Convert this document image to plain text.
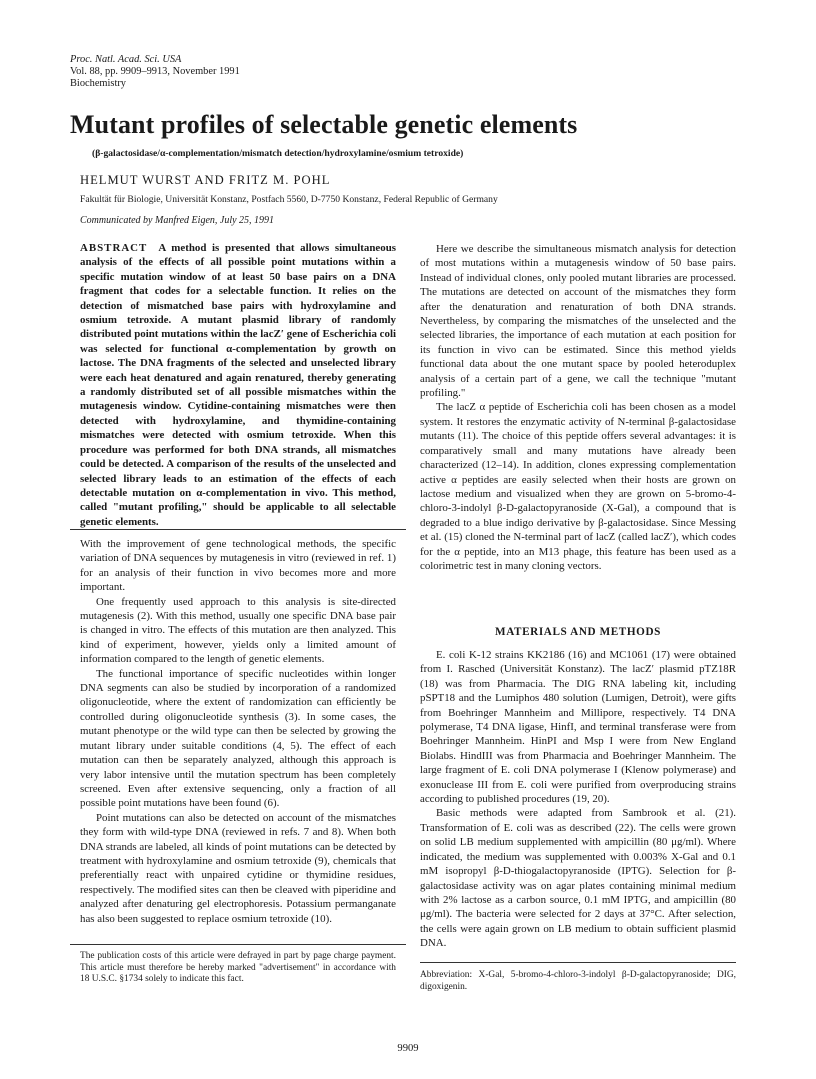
Proc. Natl. Acad. Sci. USA
Vol. 88, pp. 9909–9913, November 1991
Biochemistry
Mutant profiles of selectable genetic elements
(β-galactosidase/α-complementation/mismatch detection/hydroxylamine/osmium tetroxide)
HELMUT WURST AND FRITZ M. POHL
Fakultät für Biologie, Universität Konstanz, Postfach 5560, D-7750 Konstanz, Federal Republic of Germany
Communicated by Manfred Eigen, July 25, 1991
ABSTRACT A method is presented that allows simultaneous analysis of the effects of all possible point mutations within a specific mutation window of at least 50 base pairs on a DNA fragment that codes for a selectable function. It relies on the detection of mismatched base pairs with hydroxylamine and osmium tetroxide. A mutant plasmid library of randomly distributed point mutations within the lacZ′ gene of Escherichia coli was selected for functional α-complementation by growth on lactose. The DNA fragments of the selected and unselected library were each heat denatured and again renatured, thereby generating a randomly distributed set of all possible mismatches within the mutagenesis window. Cytidine-containing mismatches were then detected with hydroxylamine, and thymidine-containing mismatches were detected with osmium tetroxide. When this procedure was performed for both DNA strands, all mismatches could be detected. A comparison of the results of the unselected and selected library leads to an estimation of the effects of each detectable mutation on α-complementation in vivo. This method, called "mutant profiling," should be applicable to all selectable genetic elements.

With the improvement of gene technological methods, the specific variation of DNA sequences by mutagenesis in vitro (reviewed in ref. 1) for an analysis of their function in vivo becomes more and more important.

One frequently used approach to this analysis is site-directed mutagenesis (2). With this method, usually one specific DNA base pair is changed in vitro. The effects of this mutation are then analyzed. This kind of experiment, however, yields only a limited amount of information compared to the length of genetic elements.

The functional importance of specific nucleotides within longer DNA segments can also be studied by incorporation of a randomized oligonucleotide, where the extent of randomization can efficiently be controlled during oligonucleotide synthesis (3). In some cases, the mutant phenotype or the wild type can then be selected by growing the mutant library under suitable conditions (4, 5). The effect of each mutation can then be separately analyzed, although this approach is very labor intensive until the mutation spectrum has been completely screened. Even after extensive sequencing, only a fraction of all possible point mutations have been found (6).

Point mutations can also be detected on account of the mismatches they form with wild-type DNA (reviewed in refs. 7 and 8). When both DNA strands are labeled, all kinds of point mutations can be detected by treatment with hydroxylamine and osmium tetroxide (9), chemicals that preferentially react with unpaired cytidine or thymidine residues, respectively. The modified sites can then be cleaved with piperidine and analyzed after denaturing gel electrophoresis. Potassium permanganate has also been suggested to replace osmium tetroxide (10).

Here we describe the simultaneous mismatch analysis for detection of most mutations within a mutagenesis window of 50 base pairs. Instead of individual clones, only pooled mutant libraries are processed. The mutations are detected on account of the mismatches they form after the denaturation and renaturation of both DNA strands. Nevertheless, by comparing the mismatches of the unselected and the selected libraries, the importance of each mutation at each position for its function in vivo can be estimated. Since this method yields functional data about the one mutant space by pooled heteroduplex analysis of a certain part of a gene, we call the technique "mutant profiling."

The lacZ α peptide of Escherichia coli has been chosen as a model system. It restores the enzymatic activity of N-terminal β-galactosidase mutants (11). The choice of this peptide offers several advantages: it is comparatively small and many mutations have already been characterized (12–14). In addition, clones expressing complementation active α peptides are easily selected when their hosts are grown on lactose medium and visualized when they are grown on 5-bromo-4-chloro-3-indolyl β-D-galactopyranoside (X-Gal), a compound that is degraded to a blue indigo derivative by β-galactosidase. Since Messing et al. (15) cloned the N-terminal part of lacZ (called lacZ′), which codes for the α peptide, into an M13 phage, this feature has been used as a colorimetric test in many cloning vectors.

MATERIALS AND METHODS

E. coli K-12 strains KK2186 (16) and MC1061 (17) were obtained from I. Rasched (Universität Konstanz). The lacZ′ plasmid pTZ18R (18) was from Pharmacia. The DIG RNA labeling kit, including pSPT18 and the Lumiphos 480 solution (Lumigen, Detroit), were gifts from Boehringer Mannheim and Millipore, respectively. T4 DNA polymerase, T4 DNA ligase, HinfI, and terminal transferase were from Boehringer Mannheim. HinPI and Msp I were from New England Biolabs. HindIII was from Pharmacia and Boehringer Mannheim. The large fragment of E. coli DNA polymerase I (Klenow polymerase) and exonuclease III from E. coli were purified from overproducing strains according to published procedures (19, 20).

Basic methods were adapted from Sambrook et al. (21). Transformation of E. coli was as described (22). The cells were grown on solid LB medium supplemented with ampicillin (80 μg/ml). Where indicated, the medium was supplemented with 0.003% X-Gal and 0.1 mM isopropyl β-D-thiogalactopyranoside (IPTG). Selection for β-galactosidase activity was on agar plates containing minimal medium with 2% lactose as a carbon source, 0.1 mM IPTG, and ampicillin (80 μg/ml). The bacteria were selected for 2 days at 37°C. After selection, the cells were again grown on LB medium to obtain sufficient plasmid DNA.

The publication costs of this article were defrayed in part by page charge payment. This article must therefore be hereby marked "advertisement" in accordance with 18 U.S.C. §1734 solely to indicate this fact.	Abbreviation: X-Gal, 5-bromo-4-chloro-3-indolyl β-D-galactopyranoside; DIG, digoxigenin.
9909
